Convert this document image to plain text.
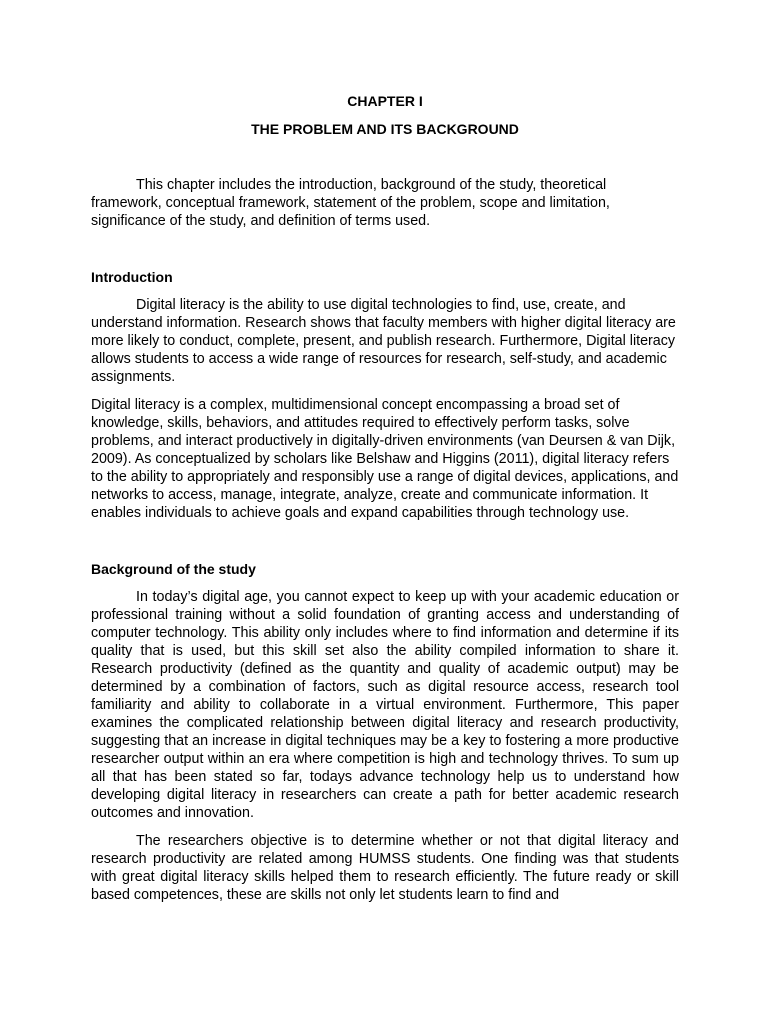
CHAPTER I
THE PROBLEM AND ITS BACKGROUND

This chapter includes the introduction, background of the study, theoretical framework, conceptual framework, statement of the problem, scope and limitation, significance of the study, and definition of terms used.

Introduction

Digital literacy is the ability to use digital technologies to find, use, create, and understand information. Research shows that faculty members with higher digital literacy are more likely to conduct, complete, present, and publish research. Furthermore, Digital literacy allows students to access a wide range of resources for research, self-study, and academic assignments.

Digital literacy is a complex, multidimensional concept encompassing a broad set of knowledge, skills, behaviors, and attitudes required to effectively perform tasks, solve problems, and interact productively in digitally-driven environments (van Deursen & van Dijk, 2009). As conceptualized by scholars like Belshaw and Higgins (2011), digital literacy refers to the ability to appropriately and responsibly use a range of digital devices, applications, and networks to access, manage, integrate, analyze, create and communicate information. It enables individuals to achieve goals and expand capabilities through technology use.

Background of the study

In today’s digital age, you cannot expect to keep up with your academic education or professional training without a solid foundation of granting access and understanding of computer technology. This ability only includes where to find information and determine if its quality that is used, but this skill set also the ability compiled information to share it. Research productivity (defined as the quantity and quality of academic output) may be determined by a combination of factors, such as digital resource access, research tool familiarity and ability to collaborate in a virtual environment. Furthermore, This paper examines the complicated relationship between digital literacy and research productivity, suggesting that an increase in digital techniques may be a key to fostering a more productive researcher output within an era where competition is high and technology thrives. To sum up all that has been stated so far, todays advance technology help us to understand how developing digital literacy in researchers can create a path for better academic research outcomes and innovation.

The researchers objective is to determine whether or not that digital literacy and research productivity are related among HUMSS students. One finding was that students with great digital literacy skills helped them to research efficiently. The future ready or skill based competences, these are skills not only let students learn to find and
